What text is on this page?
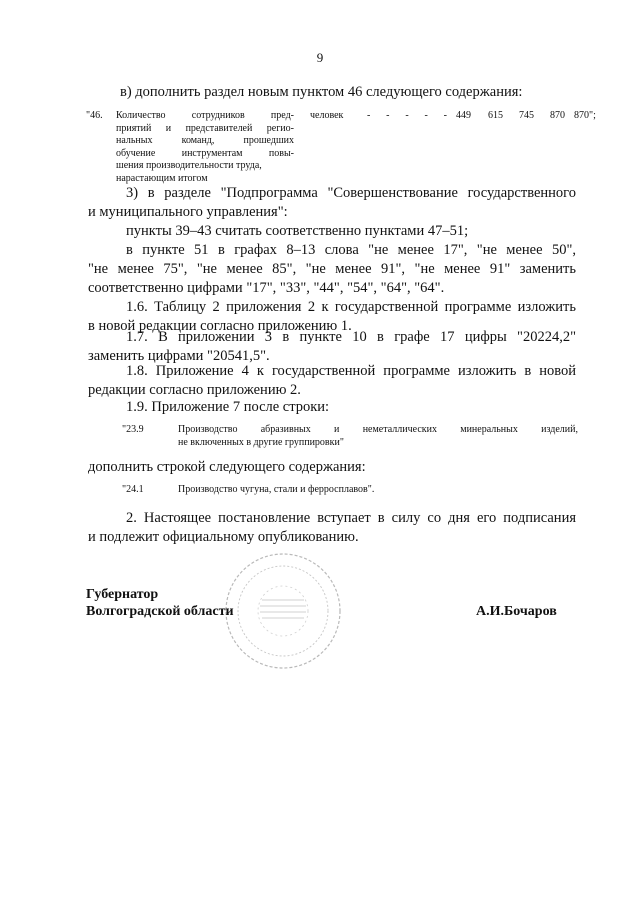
9
в) дополнить раздел новым пунктом 46 следующего содержания:
"46. Количество сотрудников пред-
приятий и представителей регио-
нальных команд, прошедших
обучение инструментам повы-
шения производительности труда,
нарастающим итогом
человек - - - - - 449 615 745 870 870";
3) в разделе "Подпрограмма "Совершенствование государственного
и муниципального управления":
пункты 39–43 считать соответственно пунктами 47–51;
в пункте 51 в графах 8–13 слова "не менее 17", "не менее 50",
"не менее 75", "не менее 85", "не менее 91", "не менее 91" заменить
соответственно цифрами "17", "33", "44", "54", "64", "64".
1.6. Таблицу 2 приложения 2 к государственной программе изложить
в новой редакции согласно приложению 1.
1.7. В приложении 3 в пункте 10 в графе 17 цифры "20224,2"
заменить цифрами "20541,5".
1.8. Приложение 4 к государственной программе изложить в новой
редакции согласно приложению 2.
1.9. Приложение 7 после строки:
"23.9	Производство абразивных и неметаллических минеральных изделий,
не включенных в другие группировки"
дополнить строкой следующего содержания:
"24.1	Производство чугуна, стали и ферросплавов".
2. Настоящее постановление вступает в силу со дня его подписания
и подлежит официальному опубликованию.
Губернатор
Волгоградской области	А.И.Бочаров
